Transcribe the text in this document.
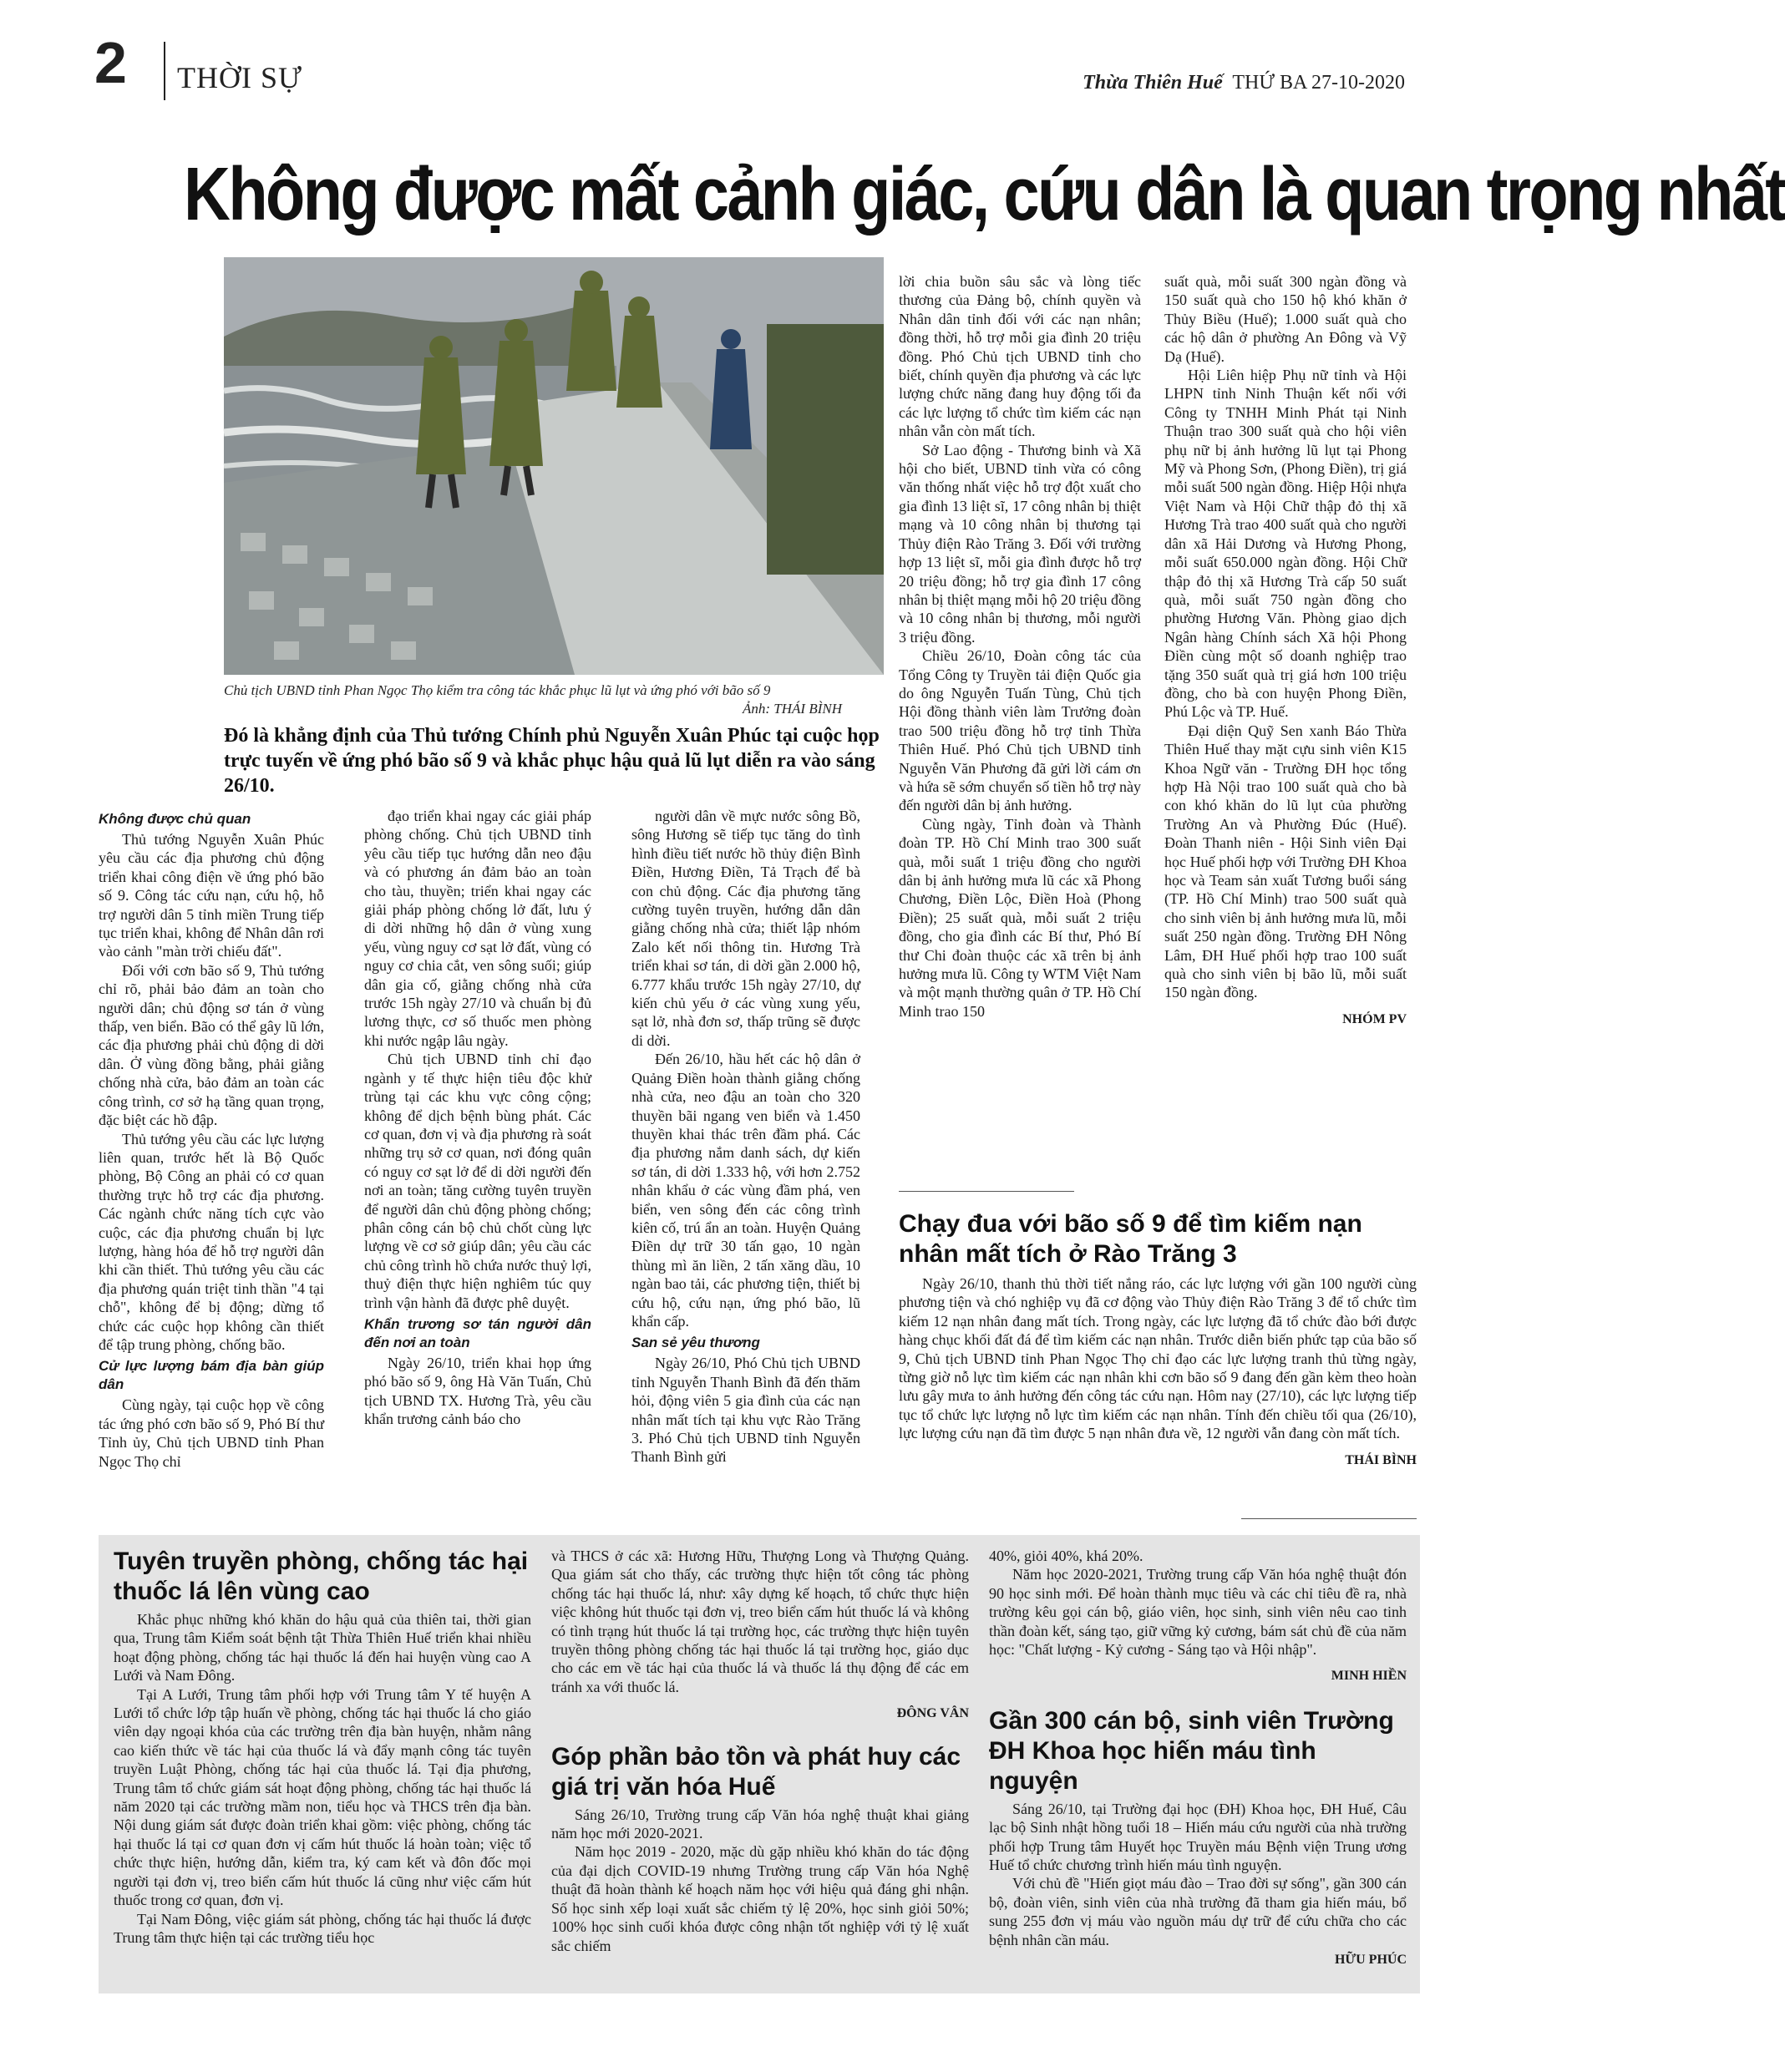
2 THỜI SỰ	Thừa Thiên Huế THỨ BA 27-10-2020
Không được mất cảnh giác, cứu dân là quan trọng nhất
Chủ tịch UBND tỉnh Phan Ngọc Thọ kiểm tra công tác khắc phục lũ lụt và ứng phó với bão số 9
Ảnh: THÁI BÌNH
Đó là khẳng định của Thủ tướng Chính phủ Nguyễn Xuân Phúc tại cuộc họp trực tuyến về ứng phó bão số 9 và khắc phục hậu quả lũ lụt diễn ra vào sáng 26/10.
Không được chủ quan

Thủ tướng Nguyễn Xuân Phúc yêu cầu các địa phương chủ động triển khai công điện về ứng phó bão số 9. Công tác cứu nạn, cứu hộ, hỗ trợ người dân 5 tỉnh miền Trung tiếp tục triển khai, không để Nhân dân rơi vào cảnh "màn trời chiếu đất".

Đối với cơn bão số 9, Thủ tướng chỉ rõ, phải bảo đảm an toàn cho người dân; chủ động sơ tán ở vùng thấp, ven biển. Bão có thể gây lũ lớn, các địa phương phải chủ động di dời dân. Ở vùng đồng bằng, phải giằng chống nhà cửa, bảo đảm an toàn các công trình, cơ sở hạ tầng quan trọng, đặc biệt các hồ đập.

Thủ tướng yêu cầu các lực lượng liên quan, trước hết là Bộ Quốc phòng, Bộ Công an phải có cơ quan thường trực hỗ trợ các địa phương. Các ngành chức năng tích cực vào cuộc, các địa phương chuẩn bị lực lượng, hàng hóa để hỗ trợ người dân khi cần thiết. Thủ tướng yêu cầu các địa phương quán triệt tinh thần "4 tại chỗ", không để bị động; dừng tổ chức các cuộc họp không cần thiết để tập trung phòng, chống bão.

Cử lực lượng bám địa bàn giúp dân

Cùng ngày, tại cuộc họp về công tác ứng phó cơn bão số 9, Phó Bí thư Tỉnh ủy, Chủ tịch UBND tỉnh Phan Ngọc Thọ chỉ

đạo triển khai ngay các giải pháp phòng chống. Chủ tịch UBND tỉnh yêu cầu tiếp tục hướng dẫn neo đậu và có phương án đảm bảo an toàn cho tàu, thuyền; triển khai ngay các giải pháp phòng chống lở đất, lưu ý di dời những hộ dân ở vùng xung yếu, vùng nguy cơ sạt lở đất, vùng có nguy cơ chia cắt, ven sông suối; giúp dân gia cố, giằng chống nhà cửa trước 15h ngày 27/10 và chuẩn bị đủ lương thực, cơ số thuốc men phòng khi nước ngập lâu ngày.

Chủ tịch UBND tỉnh chỉ đạo ngành y tế thực hiện tiêu độc khử trùng tại các khu vực công cộng; không để dịch bệnh bùng phát. Các cơ quan, đơn vị và địa phương rà soát những trụ sở cơ quan, nơi đóng quân có nguy cơ sạt lở để di dời người đến nơi an toàn; tăng cường tuyên truyền để người dân chủ động phòng chống; phân công cán bộ chủ chốt cùng lực lượng về cơ sở giúp dân; yêu cầu các chủ công trình hồ chứa nước thuỷ lợi, thuỷ điện thực hiện nghiêm túc quy trình vận hành đã được phê duyệt.

Khẩn trương sơ tán người dân đến nơi an toàn

Ngày 26/10, triển khai họp ứng phó bão số 9, ông Hà Văn Tuấn, Chủ tịch UBND TX. Hương Trà, yêu cầu khẩn trương cảnh báo cho

người dân về mực nước sông Bồ, sông Hương sẽ tiếp tục tăng do tình hình điều tiết nước hồ thủy điện Bình Điền, Hương Điền, Tả Trạch để bà con chủ động. Các địa phương tăng cường tuyên truyền, hướng dẫn dân giằng chống nhà cửa; thiết lập nhóm Zalo kết nối thông tin. Hương Trà triển khai sơ tán, di dời gần 2.000 hộ, 6.777 khẩu trước 15h ngày 27/10, dự kiến chủ yếu ở các vùng xung yếu, sạt lở, nhà đơn sơ, thấp trũng sẽ được di dời.

Đến 26/10, hầu hết các hộ dân ở Quảng Điền hoàn thành giằng chống nhà cửa, neo đậu an toàn cho 320 thuyền bãi ngang ven biển và 1.450 thuyền khai thác trên đầm phá. Các địa phương nắm danh sách, dự kiến sơ tán, di dời 1.333 hộ, với hơn 2.752 nhân khẩu ở các vùng đầm phá, ven biển, ven sông đến các công trình kiên cố, trú ẩn an toàn. Huyện Quảng Điền dự trữ 30 tấn gạo, 10 ngàn thùng mì ăn liền, 2 tấn xăng dầu, 10 ngàn bao tải, các phương tiện, thiết bị cứu hộ, cứu nạn, ứng phó bão, lũ khẩn cấp.

San sẻ yêu thương

Ngày 26/10, Phó Chủ tịch UBND tỉnh Nguyễn Thanh Bình đã đến thăm hỏi, động viên 5 gia đình của các nạn nhân mất tích tại khu vực Rào Trăng 3. Phó Chủ tịch UBND tỉnh Nguyễn Thanh Bình gửi

lời chia buồn sâu sắc và lòng tiếc thương của Đảng bộ, chính quyền và Nhân dân tỉnh đối với các nạn nhân; đồng thời, hỗ trợ mỗi gia đình 20 triệu đồng. Phó Chủ tịch UBND tỉnh cho biết, chính quyền địa phương và các lực lượng chức năng đang huy động tối đa các lực lượng tổ chức tìm kiếm các nạn nhân vẫn còn mất tích.

Sở Lao động - Thương binh và Xã hội cho biết, UBND tỉnh vừa có công văn thống nhất việc hỗ trợ đột xuất cho gia đình 13 liệt sĩ, 17 công nhân bị thiệt mạng và 10 công nhân bị thương tại Thủy điện Rào Trăng 3. Đối với trường hợp 13 liệt sĩ, mỗi gia đình được hỗ trợ 20 triệu đồng; hỗ trợ gia đình 17 công nhân bị thiệt mạng mỗi hộ 20 triệu đồng và 10 công nhân bị thương, mỗi người 3 triệu đồng.

Chiều 26/10, Đoàn công tác của Tổng Công ty Truyền tải điện Quốc gia do ông Nguyễn Tuấn Tùng, Chủ tịch Hội đồng thành viên làm Trưởng đoàn trao 500 triệu đồng hỗ trợ tỉnh Thừa Thiên Huế. Phó Chủ tịch UBND tỉnh Nguyễn Văn Phương đã gửi lời cám ơn và hứa sẽ sớm chuyển số tiền hỗ trợ này đến người dân bị ảnh hưởng.

Cùng ngày, Tỉnh đoàn và Thành đoàn TP. Hồ Chí Minh trao 300 suất quà, mỗi suất 1 triệu đồng cho người dân bị ảnh hưởng mưa lũ các xã Phong Chương, Điền Lộc, Điền Hoà (Phong Điền); 25 suất quà, mỗi suất 2 triệu đồng, cho gia đình các Bí thư, Phó Bí thư Chi đoàn thuộc các xã trên bị ảnh hưởng mưa lũ. Công ty WTM Việt Nam và một mạnh thường quân ở TP. Hồ Chí Minh trao 150

suất quà, mỗi suất 300 ngàn đồng và 150 suất quà cho 150 hộ khó khăn ở Thủy Biều (Huế); 1.000 suất quà cho các hộ dân ở phường An Đông và Vỹ Dạ (Huế).

Hội Liên hiệp Phụ nữ tỉnh và Hội LHPN tỉnh Ninh Thuận kết nối với Công ty TNHH Minh Phát tại Ninh Thuận trao 300 suất quà cho hội viên phụ nữ bị ảnh hưởng lũ lụt tại Phong Mỹ và Phong Sơn, (Phong Điền), trị giá mỗi suất 500 ngàn đồng. Hiệp Hội nhựa Việt Nam và Hội Chữ thập đỏ thị xã Hương Trà trao 400 suất quà cho người dân xã Hải Dương và Hương Phong, mỗi suất 650.000 ngàn đồng. Hội Chữ thập đỏ thị xã Hương Trà cấp 50 suất quà, mỗi suất 750 ngàn đồng cho phường Hương Văn. Phòng giao dịch Ngân hàng Chính sách Xã hội Phong Điền cùng một số doanh nghiệp trao tặng 350 suất quà trị giá hơn 100 triệu đồng, cho bà con huyện Phong Điền, Phú Lộc và TP. Huế.

Đại diện Quỹ Sen xanh Báo Thừa Thiên Huế thay mặt cựu sinh viên K15 Khoa Ngữ văn - Trường ĐH học tổng hợp Hà Nội trao 100 suất quà cho bà con khó khăn do lũ lụt của phường Trường An và Phường Đúc (Huế). Đoàn Thanh niên - Hội Sinh viên Đại học Huế phối hợp với Trường ĐH Khoa học và Team sản xuất Tương buổi sáng (TP. Hồ Chí Minh) trao 500 suất quà cho sinh viên bị ảnh hưởng mưa lũ, mỗi suất 250 ngàn đồng. Trường ĐH Nông Lâm, ĐH Huế phối hợp trao 100 suất quà cho sinh viên bị bão lũ, mỗi suất 150 ngàn đồng.

NHÓM PV

Chạy đua với bão số 9 để tìm kiếm nạn nhân mất tích ở Rào Trăng 3

Ngày 26/10, thanh thủ thời tiết nắng ráo, các lực lượng với gần 100 người cùng phương tiện và chó nghiệp vụ đã cơ động vào Thủy điện Rào Trăng 3 để tổ chức tìm kiếm 12 nạn nhân đang mất tích. Trong ngày, các lực lượng đã tổ chức đào bới được hàng chục khối đất đá để tìm kiếm các nạn nhân. Trước diễn biến phức tạp của bão số 9, Chủ tịch UBND tỉnh Phan Ngọc Thọ chỉ đạo các lực lượng tranh thủ từng ngày, từng giờ nỗ lực tìm kiếm các nạn nhân khi cơn bão số 9 đang đến gần kèm theo hoàn lưu gây mưa to ảnh hưởng đến công tác cứu nạn. Hôm nay (27/10), các lực lượng tiếp tục tổ chức lực lượng nỗ lực tìm kiếm các nạn nhân. Tính đến chiều tối qua (26/10), lực lượng cứu nạn đã tìm được 5 nạn nhân đưa về, 12 người vẫn đang còn mất tích.

THÁI BÌNH

Tuyên truyền phòng, chống tác hại thuốc lá lên vùng cao

Khắc phục những khó khăn do hậu quả của thiên tai, thời gian qua, Trung tâm Kiểm soát bệnh tật Thừa Thiên Huế triển khai nhiều hoạt động phòng, chống tác hại thuốc lá đến hai huyện vùng cao A Lưới và Nam Đông.

Tại A Lưới, Trung tâm phối hợp với Trung tâm Y tế huyện A Lưới tổ chức lớp tập huấn về phòng, chống tác hại thuốc lá cho giáo viên dạy ngoại khóa của các trường trên địa bàn huyện, nhằm nâng cao kiến thức về tác hại của thuốc lá và đẩy mạnh công tác tuyên truyền Luật Phòng, chống tác hại của thuốc lá. Tại địa phương, Trung tâm tổ chức giám sát hoạt động phòng, chống tác hại thuốc lá năm 2020 tại các trường mầm non, tiểu học và THCS trên địa bàn. Nội dung giám sát được đoàn triển khai gồm: việc phòng, chống tác hại thuốc lá tại cơ quan đơn vị cấm hút thuốc lá hoàn toàn; việc tổ chức thực hiện, hướng dẫn, kiểm tra, ký cam kết và đôn đốc mọi người tại đơn vị, treo biển cấm hút thuốc lá cũng như việc cấm hút thuốc trong cơ quan, đơn vị.

Tại Nam Đông, việc giám sát phòng, chống tác hại thuốc lá được Trung tâm thực hiện tại các trường tiểu học

và THCS ở các xã: Hương Hữu, Thượng Long và Thượng Quảng. Qua giám sát cho thấy, các trường thực hiện tốt công tác phòng chống tác hại thuốc lá, như: xây dựng kế hoạch, tổ chức thực hiện việc không hút thuốc tại đơn vị, treo biển cấm hút thuốc lá và không có tình trạng hút thuốc lá tại trường học, các trường thực hiện tuyên truyền thông phòng chống tác hại thuốc lá tại trường học, giáo dục cho các em về tác hại của thuốc lá và thuốc lá thụ động để các em tránh xa với thuốc lá.

ĐÔNG VÂN

Góp phần bảo tồn và phát huy các giá trị văn hóa Huế

Sáng 26/10, Trường trung cấp Văn hóa nghệ thuật khai giảng năm học mới 2020-2021.

Năm học 2019 - 2020, mặc dù gặp nhiều khó khăn do tác động của đại dịch COVID-19 nhưng Trường trung cấp Văn hóa Nghệ thuật đã hoàn thành kế hoạch năm học với hiệu quả đáng ghi nhận. Số học sinh xếp loại xuất sắc chiếm tỷ lệ 20%, học sinh giỏi 50%; 100% học sinh cuối khóa được công nhận tốt nghiệp với tỷ lệ xuất sắc chiếm

40%, giỏi 40%, khá 20%.

Năm học 2020-2021, Trường trung cấp Văn hóa nghệ thuật đón 90 học sinh mới. Để hoàn thành mục tiêu và các chỉ tiêu đề ra, nhà trường kêu gọi cán bộ, giáo viên, học sinh, sinh viên nêu cao tinh thần đoàn kết, sáng tạo, giữ vững kỷ cương, bám sát chủ đề của năm học: "Chất lượng - Kỷ cương - Sáng tạo và Hội nhập".

MINH HIỀN

Gần 300 cán bộ, sinh viên Trường ĐH Khoa học hiến máu tình nguyện

Sáng 26/10, tại Trường đại học (ĐH) Khoa học, ĐH Huế, Câu lạc bộ Sinh nhật hồng tuổi 18 – Hiến máu cứu người của nhà trường phối hợp Trung tâm Huyết học Truyền máu Bệnh viện Trung ương Huế tổ chức chương trình hiến máu tình nguyện.

Với chủ đề "Hiến giọt máu đào – Trao đời sự sống", gần 300 cán bộ, đoàn viên, sinh viên của nhà trường đã tham gia hiến máu, bổ sung 255 đơn vị máu vào nguồn máu dự trữ để cứu chữa cho các bệnh nhân cần máu.

HỮU PHÚC
